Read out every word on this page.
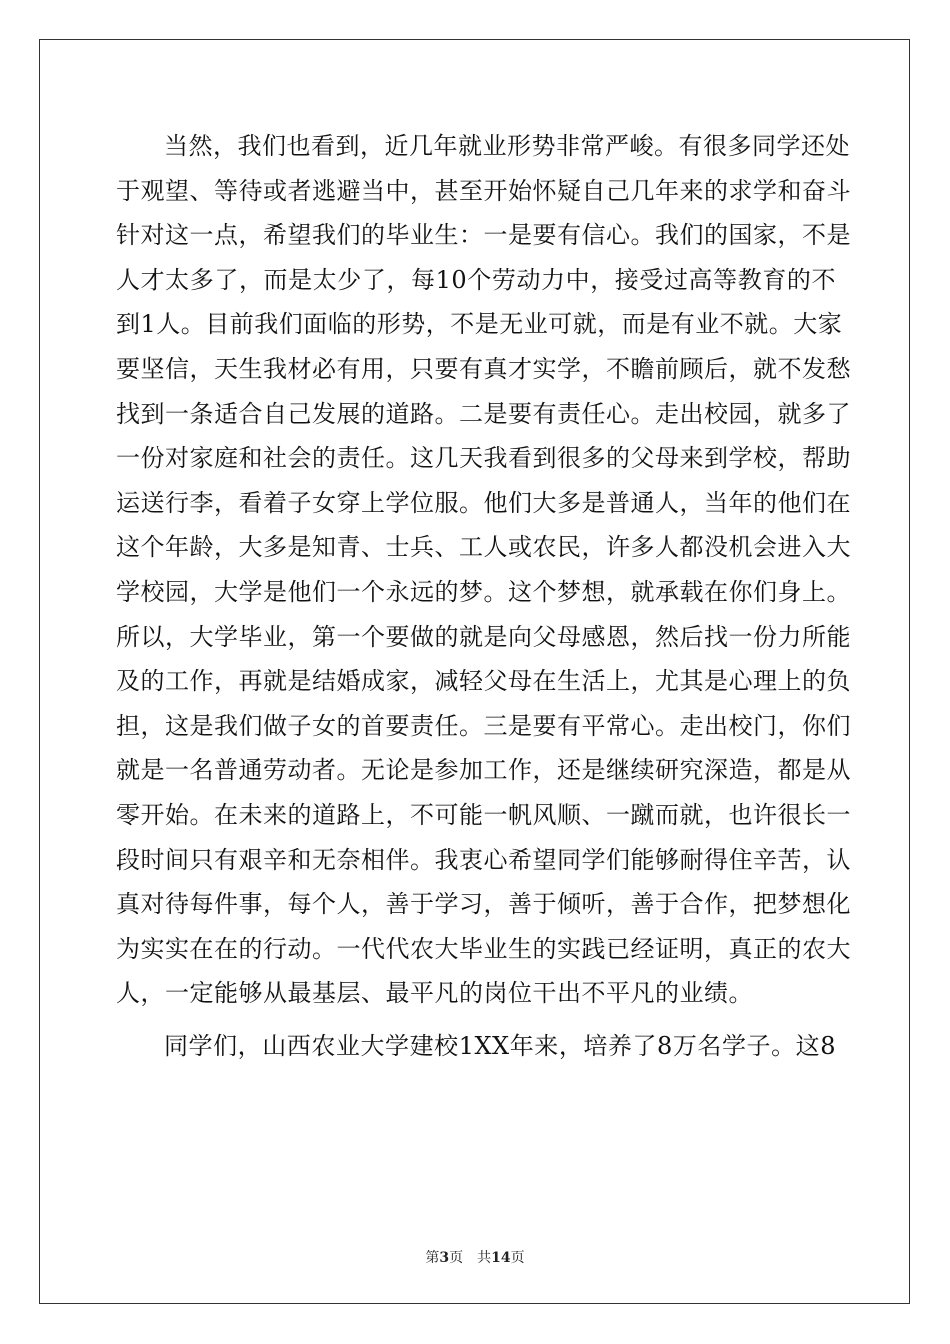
当然，我们也看到，近几年就业形势非常严峻。有很多同学还处
于观望、等待或者逃避当中，甚至开始怀疑自己几年来的求学和奋斗
针对这一点，希望我们的毕业生：一是要有信心。我们的国家，不是
人才太多了，而是太少了，每10个劳动力中，接受过高等教育的不
到1人。目前我们面临的形势，不是无业可就，而是有业不就。大家
要坚信，天生我材必有用，只要有真才实学，不瞻前顾后，就不发愁
找到一条适合自己发展的道路。二是要有责任心。走出校园，就多了
一份对家庭和社会的责任。这几天我看到很多的父母来到学校，帮助
运送行李，看着子女穿上学位服。他们大多是普通人，当年的他们在
这个年龄，大多是知青、士兵、工人或农民，许多人都没机会进入大
学校园，大学是他们一个永远的梦。这个梦想，就承载在你们身上。
所以，大学毕业，第一个要做的就是向父母感恩，然后找一份力所能
及的工作，再就是结婚成家，减轻父母在生活上，尤其是心理上的负
担，这是我们做子女的首要责任。三是要有平常心。走出校门，你们
就是一名普通劳动者。无论是参加工作，还是继续研究深造，都是从
零开始。在未来的道路上，不可能一帆风顺、一蹴而就，也许很长一
段时间只有艰辛和无奈相伴。我衷心希望同学们能够耐得住辛苦，认
真对待每件事，每个人，善于学习，善于倾听，善于合作，把梦想化
为实实在在的行动。一代代农大毕业生的实践已经证明，真正的农大
人，一定能够从最基层、最平凡的岗位干出不平凡的业绩。
同学们，山西农业大学建校1XX年来，培养了8万名学子。这8
第3页 共14页
